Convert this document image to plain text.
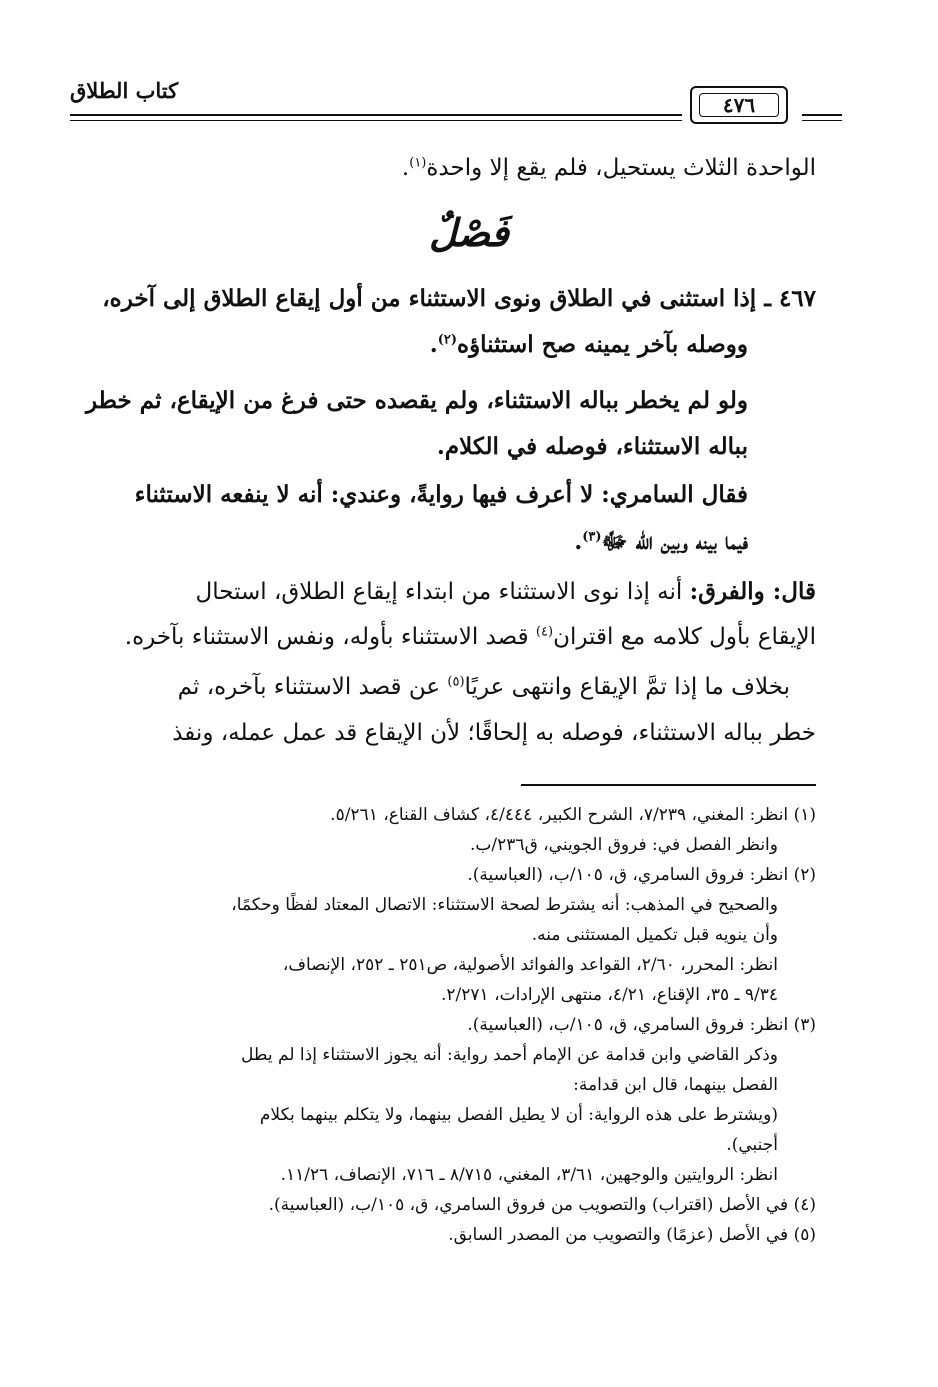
كتاب الطلاق
٤٧٦
الواحدة الثلاث يستحيل، فلم يقع إلا واحدة$^{(١)}$.
فَصْلٌ
٤٦٧ ـ إذا استثنى في الطلاق ونوى الاستثناء من أول إيقاع الطلاق إلى آخره،
ووصله بآخر يمينه صح استثناؤه$^{(٢)}$.
ولو لم يخطر بباله الاستثناء، ولم يقصده حتى فرغ من الإيقاع، ثم خطر
بباله الاستثناء، فوصله في الكلام.
فقال السامري: لا أعرف فيها روايةً، وعندي: أنه لا ينفعه الاستثناء
فيما بينه وبين الله ﷻ$^{(٣)}$.
قال: والفرق: أنه إذا نوى الاستثناء من ابتداء إيقاع الطلاق، استحال
الإيقاع بأول كلامه مع اقتران$^{(٤)}$ قصد الاستثناء بأوله، ونفس الاستثناء بآخره.
بخلاف ما إذا تمَّ الإيقاع وانتهى عريًا$^{(٥)}$ عن قصد الاستثناء بآخره، ثم
خطر بباله الاستثناء، فوصله به إلحاقًا؛ لأن الإيقاع قد عمل عمله، ونفذ
(١) انظر: المغني، ٧/٢٣٩، الشرح الكبير، ٤/٤٤٤، كشاف القناع، ٥/٢٦١.
وانظر الفصل في: فروق الجويني، ق٢٣٦/ب.
(٢) انظر: فروق السامري، ق، ١٠٥/ب، (العباسية).
والصحيح في المذهب: أنه يشترط لصحة الاستثناء: الاتصال المعتاد لفظًا وحكمًا،
وأن ينويه قبل تكميل المستثنى منه.
انظر: المحرر، ٢/٦٠، القواعد والفوائد الأصولية، ص٢٥١ ـ ٢٥٢، الإنصاف،
٩/٣٤ ـ ٣٥، الإقناع، ٤/٢١، منتهى الإرادات، ٢/٢٧١.
(٣) انظر: فروق السامري، ق، ١٠٥/ب، (العباسية).
وذكر القاضي وابن قدامة عن الإمام أحمد رواية: أنه يجوز الاستثناء إذا لم يطل
الفصل بينهما، قال ابن قدامة:
(ويشترط على هذه الرواية: أن لا يطيل الفصل بينهما، ولا يتكلم بينهما بكلام
أجنبي).
انظر: الروايتين والوجهين، ٣/٦١، المغني، ٨/٧١٥ ـ ٧١٦، الإنصاف، ١١/٢٦.
(٤) في الأصل (اقتراب) والتصويب من فروق السامري، ق، ١٠٥/ب، (العباسية).
(٥) في الأصل (عزمًا) والتصويب من المصدر السابق.
